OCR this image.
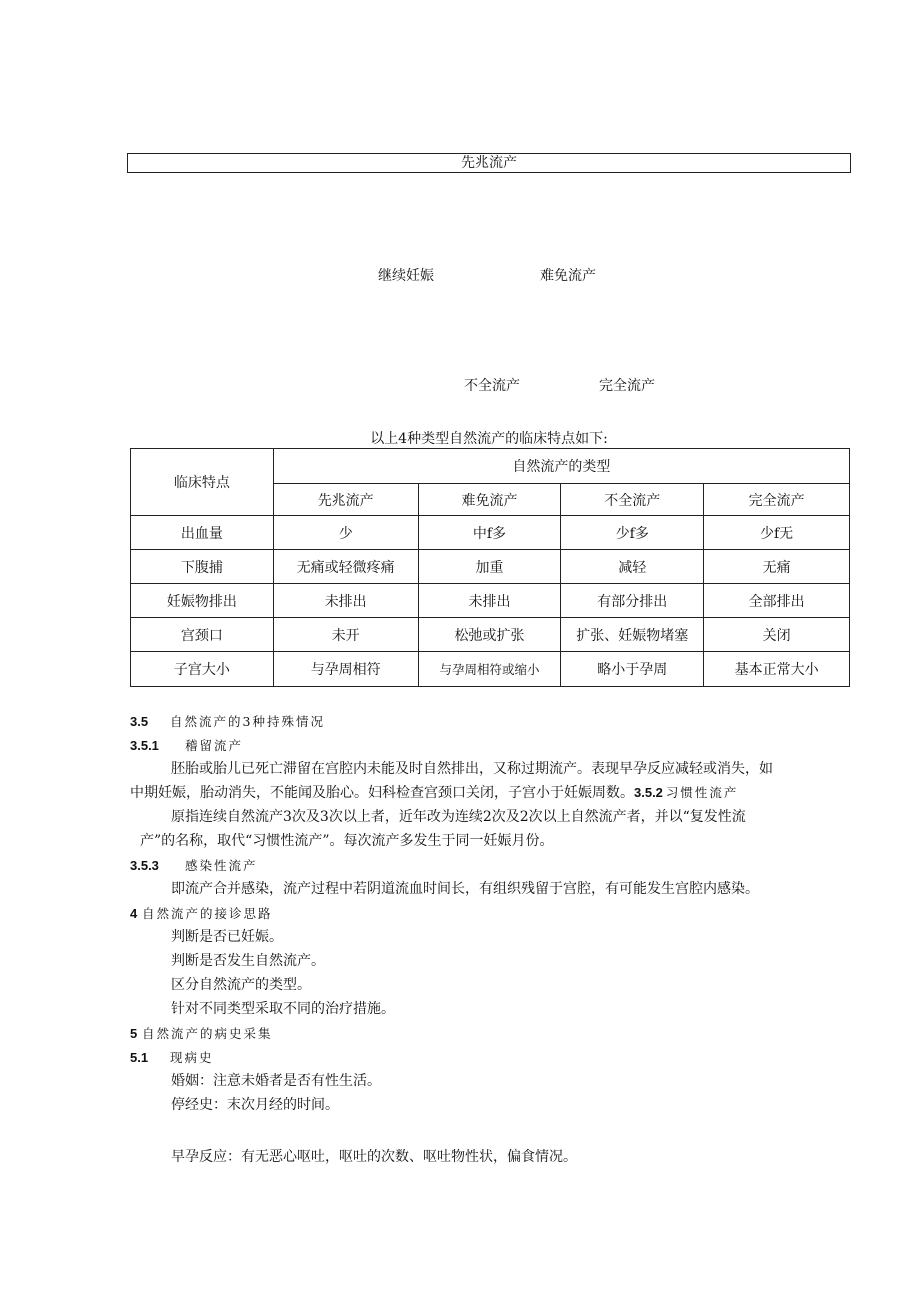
先兆流产
继续妊娠	难免流产
不全流产	完全流产
以上4种类型自然流产的临床特点如下:
临床特点	自然流产的类型			
	先兆流产	难免流产	不全流产	完全流产
出血量	少	中f多	少f多	少f无
下腹捕	无痛或轻微疼痛	加重	减轻	无痛
妊娠物排出	未排出	未排出	有部分排出	全部排出
宫颈口	未开	松弛或扩张	扩张、妊娠物堵塞	关闭
子宫大小	与孕周相符	与孕周相符或缩小	略小于孕周	基本正常大小
3.5 自然流产的3种持殊情况
3.5.1 稽留流产
胚胎或胎儿已死亡滞留在宫腔内未能及时自然排出，又称过期流产。表现早孕反应减轻或消失，如
中期妊娠，胎动消失，不能闻及胎心。妇科检查宫颈口关闭，子宫小于妊娠周数。3.5.2 习惯性流产
原指连续自然流产3次及3次以上者，近年改为连续2次及2次以上自然流产者，并以“复发性流
产”的名称，取代“习惯性流产”。每次流产多发生于同一妊娠月份。
3.5.3 感染性流产
即流产合并感染，流产过程中若阴道流血时间长，有组织残留于宫腔，有可能发生宫腔内感染。
4 自然流产的接诊思路
判断是否已妊娠。
判断是否发生自然流产。
区分自然流产的类型。
针对不同类型采取不同的治疗措施。
5 自然流产的病史采集
5.1 现病史
婚姻：注意未婚者是否有性生活。
停经史：末次月经的时间。
早孕反应：有无恶心呕吐，呕吐的次数、呕吐物性状，偏食情况。
